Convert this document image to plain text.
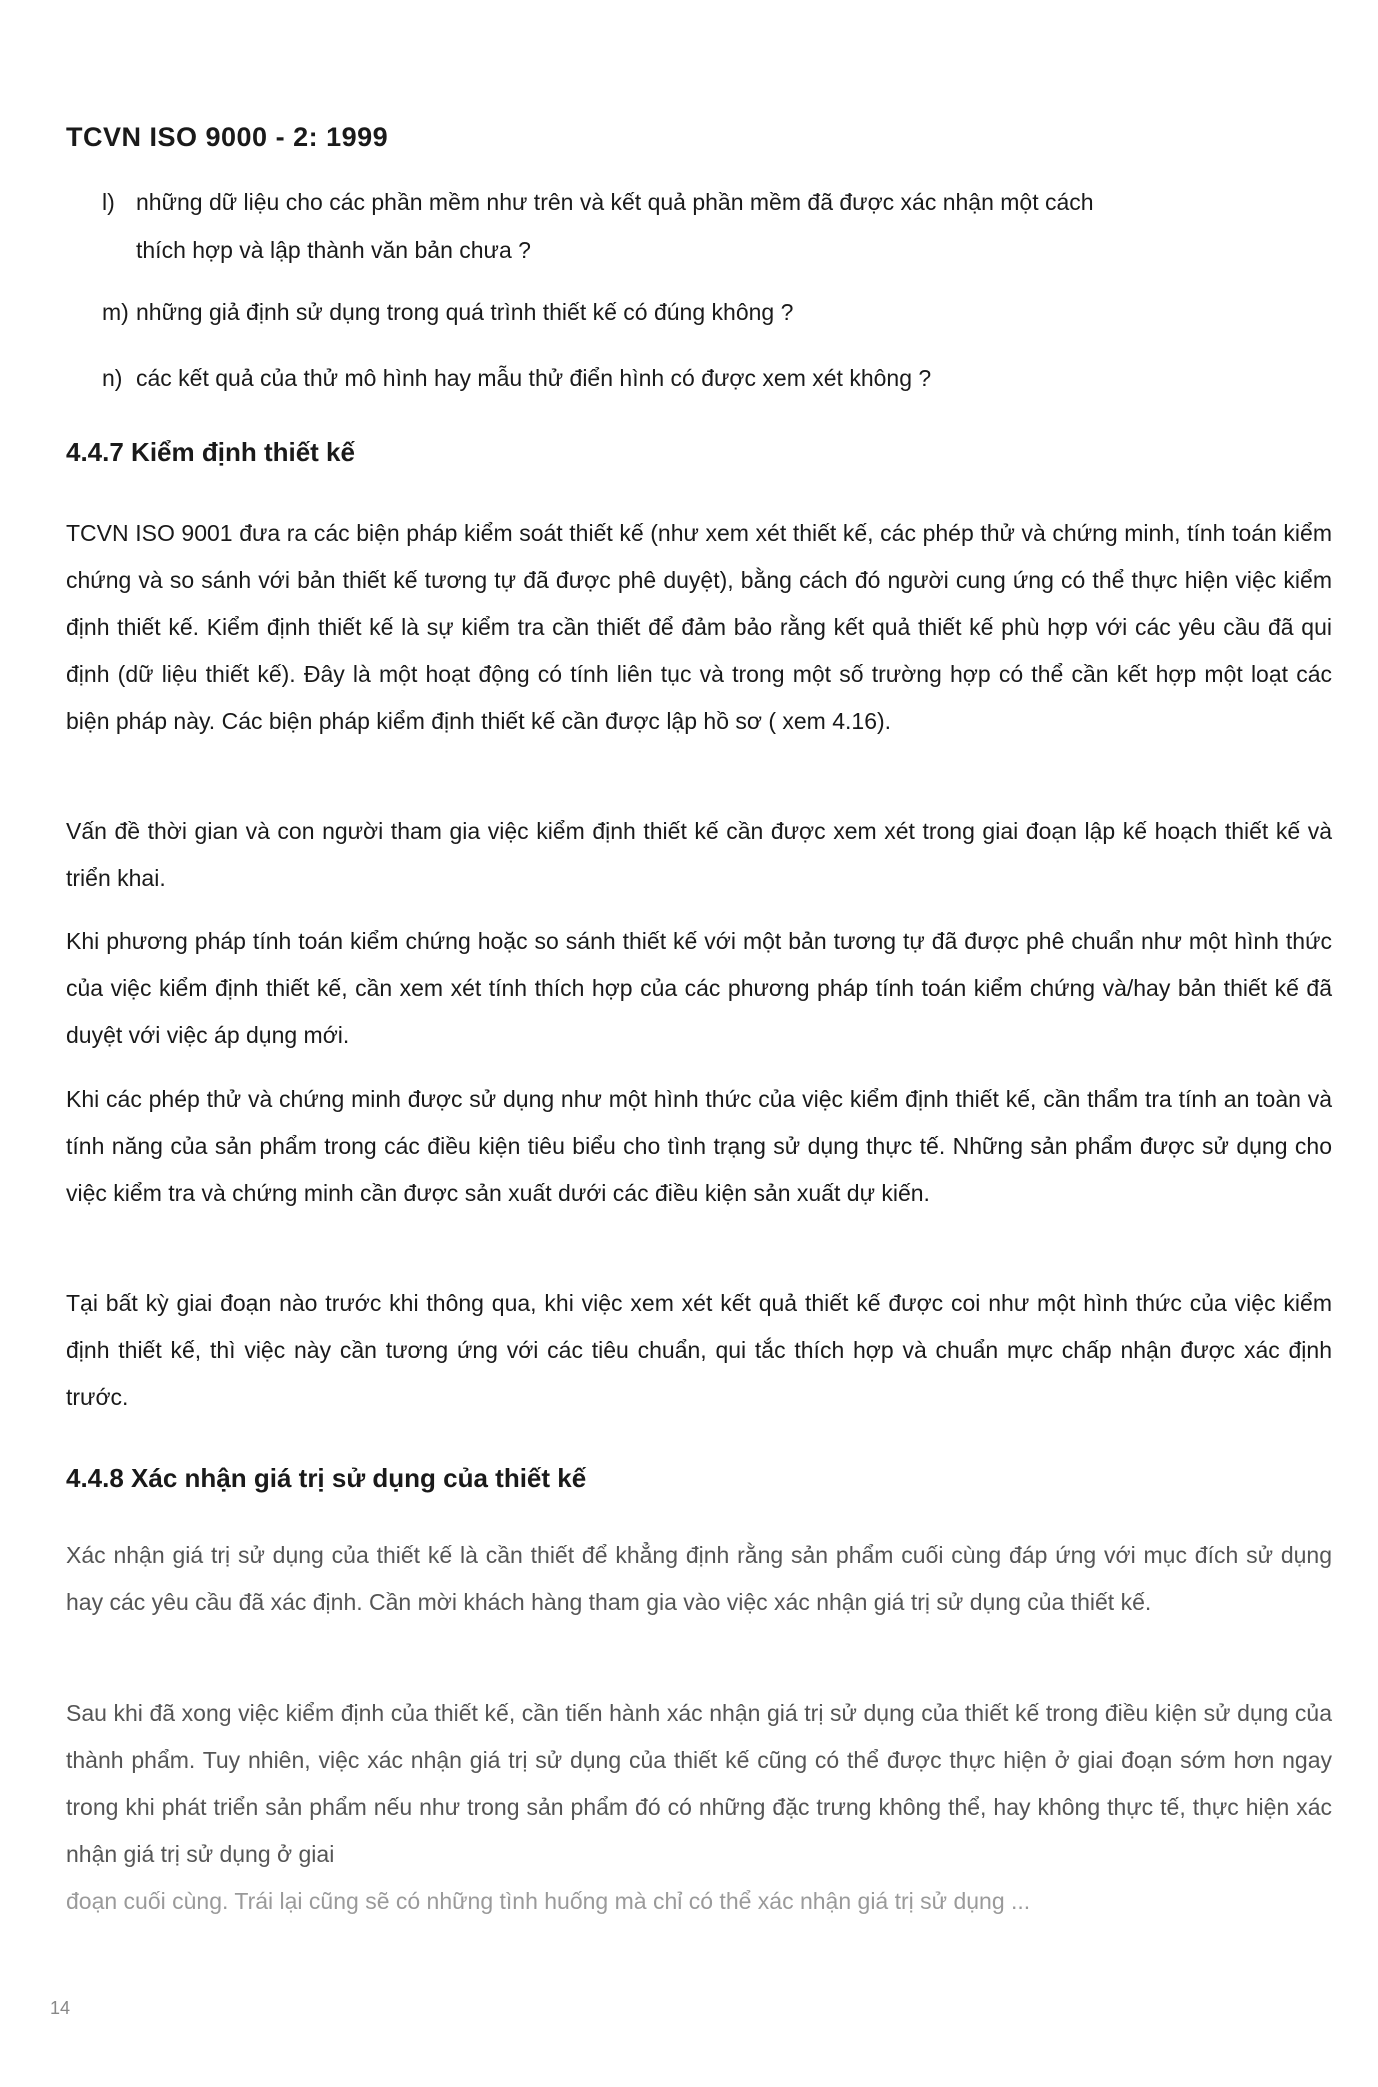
TCVN ISO 9000 - 2: 1999
l) những dữ liệu cho các phần mềm như trên và kết quả phần mềm đã được xác nhận một cách
thích hợp và lập thành văn bản chưa ?
m) những giả định sử dụng trong quá trình thiết kế có đúng không ?
n) các kết quả của thử mô hình hay mẫu thử điển hình có được xem xét không ?
4.4.7 Kiểm định thiết kế
TCVN ISO 9001 đưa ra các biện pháp kiểm soát thiết kế (như xem xét thiết kế, các phép thử và chứng minh, tính toán kiểm chứng và so sánh với bản thiết kế tương tự đã được phê duyệt), bằng cách đó người cung ứng có thể thực hiện việc kiểm định thiết kế. Kiểm định thiết kế là sự kiểm tra cần thiết để đảm bảo rằng kết quả thiết kế phù hợp với các yêu cầu đã qui định (dữ liệu thiết kế). Đây là một hoạt động có tính liên tục và trong một số trường hợp có thể cần kết hợp một loạt các biện pháp này. Các biện pháp kiểm định thiết kế cần được lập hồ sơ ( xem 4.16).
Vấn đề thời gian và con người tham gia việc kiểm định thiết kế cần được xem xét trong giai đoạn lập kế hoạch thiết kế và triển khai.
Khi phương pháp tính toán kiểm chứng hoặc so sánh thiết kế với một bản tương tự đã được phê chuẩn như một hình thức của việc kiểm định thiết kế, cần xem xét tính thích hợp của các phương pháp tính toán kiểm chứng và/hay bản thiết kế đã duyệt với việc áp dụng mới.
Khi các phép thử và chứng minh được sử dụng như một hình thức của việc kiểm định thiết kế, cần thẩm tra tính an toàn và tính năng của sản phẩm trong các điều kiện tiêu biểu cho tình trạng sử dụng thực tế. Những sản phẩm được sử dụng cho việc kiểm tra và chứng minh cần được sản xuất dưới các điều kiện sản xuất dự kiến.
Tại bất kỳ giai đoạn nào trước khi thông qua, khi việc xem xét kết quả thiết kế được coi như một hình thức của việc kiểm định thiết kế, thì việc này cần tương ứng với các tiêu chuẩn, qui tắc thích hợp và chuẩn mực chấp nhận được xác định trước.
4.4.8 Xác nhận giá trị sử dụng của thiết kế
Xác nhận giá trị sử dụng của thiết kế là cần thiết để khẳng định rằng sản phẩm cuối cùng đáp ứng với mục đích sử dụng hay các yêu cầu đã xác định. Cần mời khách hàng tham gia vào việc xác nhận giá trị sử dụng của thiết kế.
Sau khi đã xong việc kiểm định của thiết kế, cần tiến hành xác nhận giá trị sử dụng của thiết kế trong điều kiện sử dụng của thành phẩm. Tuy nhiên, việc xác nhận giá trị sử dụng của thiết kế cũng có thể được thực hiện ở giai đoạn sớm hơn ngay trong khi phát triển sản phẩm nếu như trong sản phẩm đó có những đặc trưng không thể, hay không thực tế, thực hiện xác nhận giá trị sử dụng ở giai
đoạn cuối cùng. Trái lại cũng sẽ có những tình huống mà chỉ có thể xác nhận giá trị sử dụng ...
14
